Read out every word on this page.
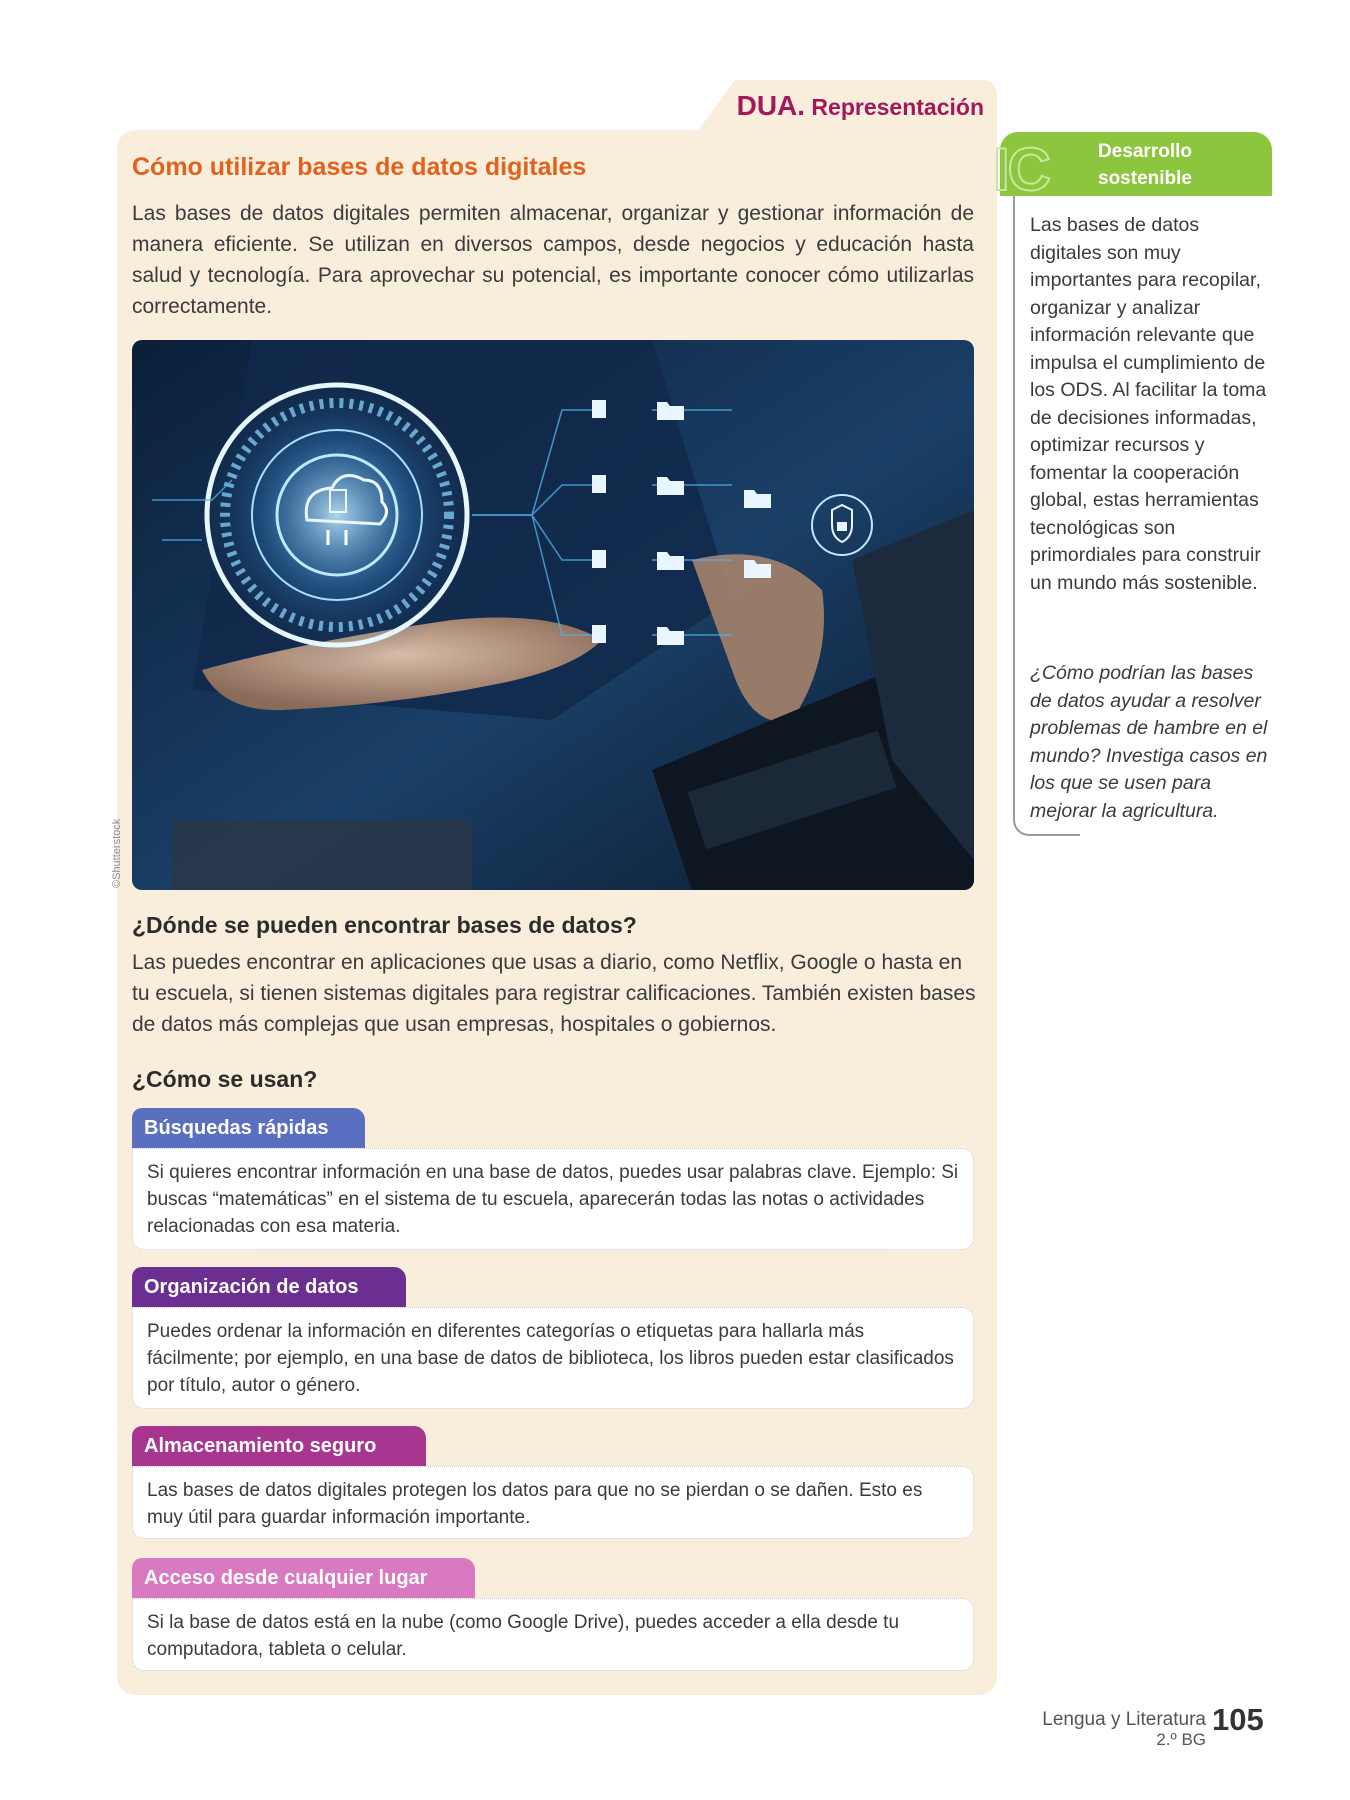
DUA. Representación
Cómo utilizar bases de datos digitales

Las bases de datos digitales permiten almacenar, organizar y gestionar información de manera eficiente. Se utilizan en diversos campos, desde negocios y educación hasta salud y tecnología. Para aprovechar su potencial, es importante conocer cómo utilizarlas correctamente.

©Shutterstock
¿Dónde se pueden encontrar bases de datos?

Las puedes encontrar en aplicaciones que usas a diario, como Netflix, Google o hasta en tu escuela, si tienen sistemas digitales para registrar calificaciones. También existen bases de datos más complejas que usan empresas, hospitales o gobiernos.

¿Cómo se usan?
Búsquedas rápidas
Si quieres encontrar información en una base de datos, puedes usar palabras clave. Ejemplo: Si buscas “matemáticas” en el sistema de tu escuela, aparecerán todas las notas o actividades relacionadas con esa materia.
Organización de datos
Puedes ordenar la información en diferentes categorías o etiquetas para hallarla más fácilmente; por ejemplo, en una base de datos de biblioteca, los libros pueden estar clasificados por título, autor o género.
Almacenamiento seguro
Las bases de datos digitales protegen los datos para que no se pierdan o se dañen. Esto es muy útil para guardar información importante.
Acceso desde cualquier lugar
Si la base de datos está en la nube (como Google Drive), puedes acceder a ella desde tu computadora, tableta o celular.
IC	Desarrollo sostenible

Las bases de datos digitales son muy importantes para recopilar, organizar y analizar información relevante que impulsa el cumplimiento de los ODS. Al facilitar la toma de decisiones informadas, optimizar recursos y fomentar la cooperación global, estas herramientas tecnológicas son primordiales para construir un mundo más sostenible.

¿Cómo podrían las bases de datos ayudar a resolver problemas de hambre en el mundo? Investiga casos en los que se usen para mejorar la agricultura.

Lengua y Literatura
2.º BG
105
